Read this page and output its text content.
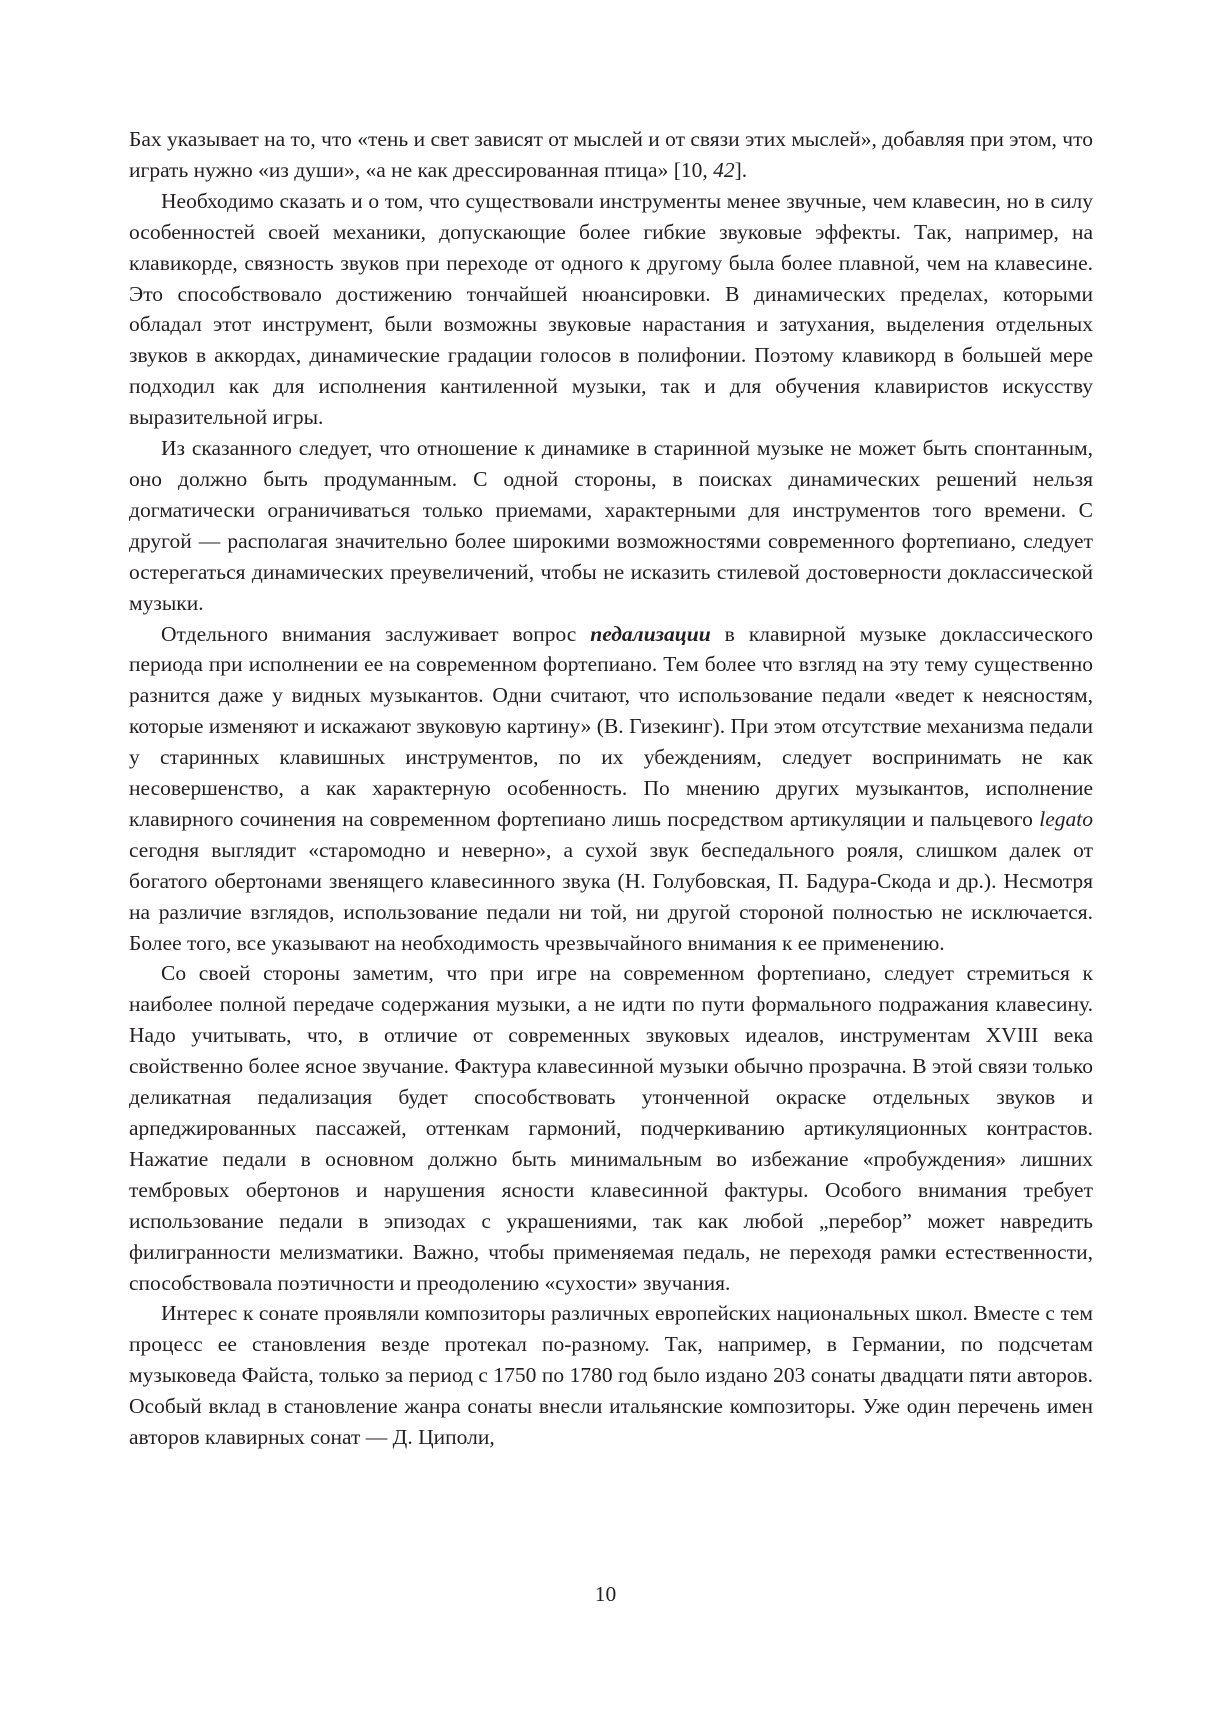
Бах указывает на то, что «тень и свет зависят от мыслей и от связи этих мыслей», добавляя при этом, что играть нужно «из души», «а не как дрессированная птица» [10, 42].

Необходимо сказать и о том, что существовали инструменты менее звучные, чем клавесин, но в силу особенностей своей механики, допускающие более гибкие звуковые эффекты. Так, например, на клавикорде, связность звуков при переходе от одного к другому была более плавной, чем на клавесине. Это способствовало достижению тончайшей нюансировки. В динамических пределах, которыми обладал этот инструмент, были возможны звуковые нарастания и затухания, выделения отдельных звуков в аккордах, динамические градации голосов в полифонии. Поэтому клавикорд в большей мере подходил как для исполнения кантиленной музыки, так и для обучения клавиристов искусству выразительной игры.

Из сказанного следует, что отношение к динамике в старинной музыке не может быть спонтанным, оно должно быть продуманным. С одной стороны, в поисках динамических решений нельзя догматически ограничиваться только приемами, характерными для инструментов того времени. С другой — располагая значительно более широкими возможностями современного фортепиано, следует остерегаться динамических преувеличений, чтобы не исказить стилевой достоверности доклассической музыки.

Отдельного внимания заслуживает вопрос педализации в клавирной музыке доклассического периода при исполнении ее на современном фортепиано. Тем более что взгляд на эту тему существенно разнится даже у видных музыкантов. Одни считают, что использование педали «ведет к неясностям, которые изменяют и искажают звуковую картину» (В. Гизекинг). При этом отсутствие механизма педали у старинных клавишных инструментов, по их убеждениям, следует воспринимать не как несовершенство, а как характерную особенность. По мнению других музыкантов, исполнение клавирного сочинения на современном фортепиано лишь посредством артикуляции и пальцевого legato сегодня выглядит «старомодно и неверно», а сухой звук беспедального рояля, слишком далек от богатого обертонами звенящего клавесинного звука (Н. Голубовская, П. Бадура-Скода и др.). Несмотря на различие взглядов, использование педали ни той, ни другой стороной полностью не исключается. Более того, все указывают на необходимость чрезвычайного внимания к ее применению.

Со своей стороны заметим, что при игре на современном фортепиано, следует стремиться к наиболее полной передаче содержания музыки, а не идти по пути формального подражания клавесину. Надо учитывать, что, в отличие от современных звуковых идеалов, инструментам XVIII века свойственно более ясное звучание. Фактура клавесинной музыки обычно прозрачна. В этой связи только деликатная педализация будет способствовать утонченной окраске отдельных звуков и арпеджированных пассажей, оттенкам гармоний, подчеркиванию артикуляционных контрастов. Нажатие педали в основном должно быть минимальным во избежание «пробуждения» лишних тембровых обертонов и нарушения ясности клавесинной фактуры. Особого внимания требует использование педали в эпизодах с украшениями, так как любой „перебор” может навредить филигранности мелизматики. Важно, чтобы применяемая педаль, не переходя рамки естественности, способствовала поэтичности и преодолению «сухости» звучания.

Интерес к сонате проявляли композиторы различных европейских национальных школ. Вместе с тем процесс ее становления везде протекал по-разному. Так, например, в Германии, по подсчетам музыковеда Файста, только за период с 1750 по 1780 год было издано 203 сонаты двадцати пяти авторов. Особый вклад в становление жанра сонаты внесли итальянские композиторы. Уже один перечень имен авторов клавирных сонат — Д. Циполи,

10
